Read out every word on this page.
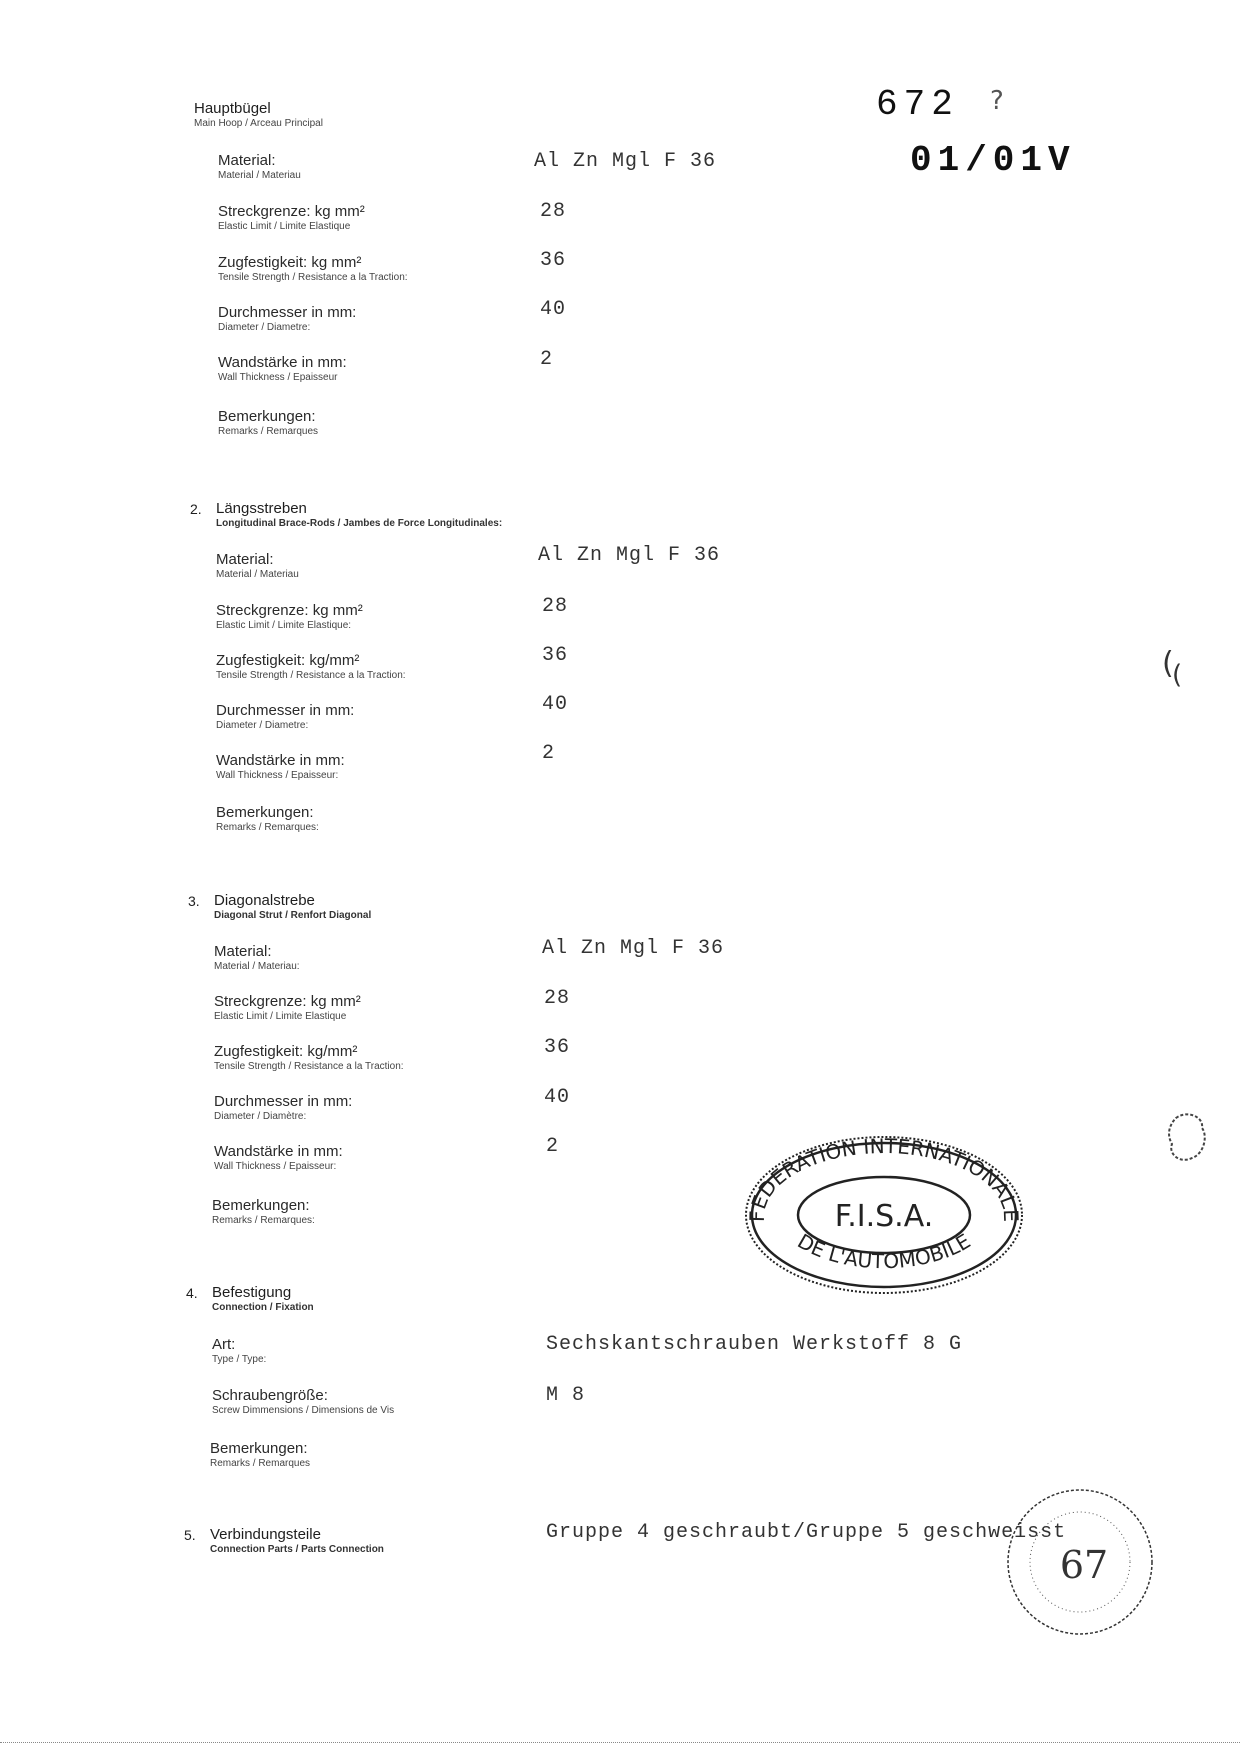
672 ?
01/01V
Hauptbügel
Main Hoop / Arceau Principal
Material:
Material / Materiau
Al Zn Mgl F 36
Streckgrenze: kg mm²
Elastic Limit / Limite Elastique
28
Zugfestigkeit: kg mm²
Tensile Strength / Resistance a la Traction:
36
Durchmesser in mm:
Diameter / Diametre:
40
Wandstärke in mm:
Wall Thickness / Epaisseur
2
Bemerkungen:
Remarks / Remarques
2. Längsstreben
Longitudinal Brace-Rods / Jambes de Force Longitudinales:
Material:
Material / Materiau
Al Zn Mgl F 36
Streckgrenze: kg mm²
Elastic Limit / Limite Elastique:
28
Zugfestigkeit: kg/mm²
Tensile Strength / Resistance a la Traction:
36
Durchmesser in mm:
Diameter / Diametre:
40
Wandstärke in mm:
Wall Thickness / Epaisseur:
2
Bemerkungen:
Remarks / Remarques:
3. Diagonalstrebe
Diagonal Strut / Renfort Diagonal
Material:
Material / Materiau:
Al Zn Mgl F 36
Streckgrenze: kg mm²
Elastic Limit / Limite Elastique
28
Zugfestigkeit: kg/mm²
Tensile Strength / Resistance a la Traction:
36
Durchmesser in mm:
Diameter / Diamètre:
40
Wandstärke in mm:
Wall Thickness / Epaisseur:
2
Bemerkungen:
Remarks / Remarques:
4. Befestigung
Connection / Fixation
Art:
Type / Type:
Sechskantschrauben Werkstoff 8 G
Schraubengröße:
Screw Dimmensions / Dimensions de Vis
M 8
Bemerkungen:
Remarks / Remarques
5. Verbindungsteile
Connection Parts / Parts Connection
Gruppe 4 geschraubt/Gruppe 5 geschweisst
FEDERATION INTERNATIONALE
DE L'AUTOMOBILE
F.I.S.A.
67
(
(
